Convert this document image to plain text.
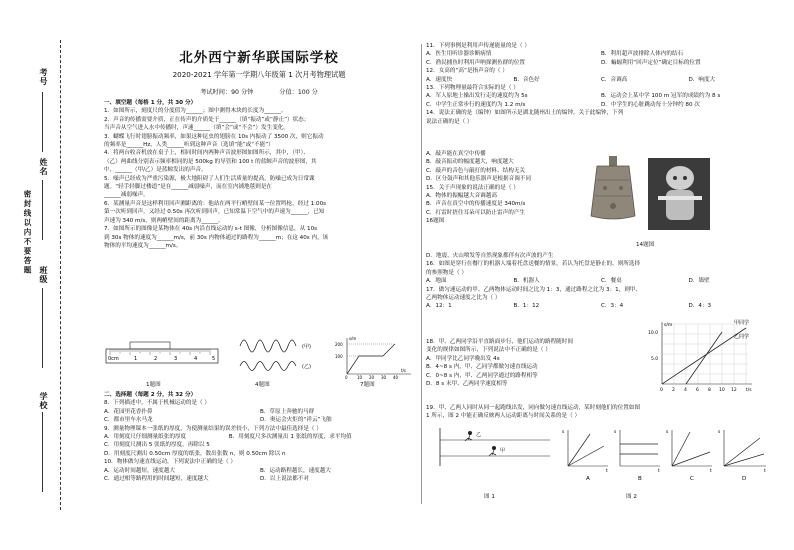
考号
姓名
班级
学校
密封线以内不要答题
北外西宁新华联国际学校
2020-2021 学年第一学期八年级第 1 次月考物理试题
考试时间：90 分钟	分值：100 分
一、填空题（每格 1 分，共 30 分）
1．如图所示，刻度尺的分度值为______；图中测得木块的长度为______。
2．声音的传播需要介质，正在传声的介质处于______（填“振动”或“静止”）状态；
当声音从空气进入水中传播时，声速______（填“会”或“不会”）发生变化。
3．蝴蝶飞行时翅膀振动频率，如果这种昆虫的翅膀在 10s 内振动了 3500 次，则它振动
的频率是______Hz，人类______听到这种声音（选填“能”或“不能”）
4．将两台收音机放在桌子上，相同时间内两种声音波形图如图所示，其中，（甲）、
（乙）两曲线分别表示频率相同的是 500kg 的导管和 100 t 的蓝鲸声音的波形图，其
中，______（甲/乙）是蓝鲸发出的声音。
5．噪声已经成为严重污染源，极大地阻碍了人们生活质量的提高，防噪已成为日常课
题。“轻手轻脚过楼道”是在______减弱噪声，而在室内铺地毯则是在
______减弱噪声。
6．某测量声音是这样利用回声测距离的：他站在两平行峭壁间某一位置鸣枪，经过 1.00s
第一次听到回声，又经过 0.50s 再次听到回声，已知常温下空气中的声速为______，已知
声速为 340 m/s，则两峭壁间的距离为______。
7．如图所示的图像是某物体在 40s 内沿直线运动的 s-t 图像，分析图像信息，从 10s
到 30s 物体的速度为______m/s，前 30s 内物体通过的路程为______m；在这 40s 内，该
物体的平均速度为______m/s。
0cm	1	2	3	4	5
(甲)
(乙)
200
100
0 10 20 30 40
t/s
s/m
1题图	4题图	7题图
二、选择题（每题 2 分，共 32 分）
8．下列描述中，不属于机械运动的是（ ）
A．花园里花香扑鼻	B．草原上奔驰的马群
C．都市里车水马龙	D．奥运会火炬的“祥云”飞舶
9．测量物理课本一张纸的厚度，为使测量结果的误差较小，下列方法中最佳选择是（ ）
A．用刻度尺仔细测量纸张的厚度	B．用刻度尺多次测量出 1 张纸的厚度，求平均值
C．用刻度尺测出 5 张纸的厚度，再除以 5
D．用刻度尺测出 0.50cm 厚度的纸张，数出张数 n，则 0.50cm 除以 n
10．物体做匀速直线运动，下列说法中正确的是（ ）
A．运动时间越短，速度越大	B．运动路程越长，速度越大
C．通过相等路程用的时间越短，速度越大	D．以上说法都不对
11．下列事例是利用声传递能量的是（ ）
A．医生用听诊器诊断病情	B．利用超声波排除人体内的结石
C．渔民捕鱼时利用声呐探测鱼群的位置	D．蝙蝠利用“回声定位”确定目标的位置
12．女高的“高”是指声音的（ ）
A．速度快	B．音色好	C．音调高	D．响度大
13．下列物理量最符合实际的是（ ）
A．军人原地上操出发行走的速度约为 5s	B．运动会上某中学 100 m 冠军的成绩约为 8 s
C．中学生正常步行的速度约为 1.2 m/s	D．中学生的心脏跳动每十分钟约 80 次
14．说法正确的是（编钟）如图所示是湖北随州出土的编钟，关于此编钟，下列
说法正确的是（ ）
A．敲声能在真空中传播
B．敲音振动的幅度越大，响度越大
C．敲声的音色与敲打的材料、结构无关
D．区分鼓声和其他乐器声是根据音调不同
15．关于声现象的说法正确的是（ ）
A．物体的振幅越大音调越高
B．声音在真空中的传播速度是 340m/s
C．打雷时捂住耳朵可以防止雷声的产生
16题图
14题图
D．地震、火山喷发等自然现象都伴有次声波的产生
16．如图是穿行在餐厅的机器人端着托盘送餐的情景。若认为托盘是静止的，则所选择
的参照物是（ ）
A．地面	B．机器人	C．餐桌	D．墙壁
17．做匀速运动的甲、乙两物体运动时间之比为 1：3，通过路程之比为 3：1，则甲、
乙两物体运动速度之比为（ ）
A．12：1	B．1：12	C．3：4	D．4：3
18．甲、乙两同学沿平直路面步行，他们运动的路程随时间
变化的规律如图所示，下列说法中不正确的是（ ）
A．甲同学比乙同学晚出发 4s
B．4~8 s 内，甲、乙同学都做匀速直线运动
C．0~8 s 内，甲、乙两同学通过的路程相等
D．8 s 末甲、乙两同学速度相等
甲同学
乙同学
10.0
5.0
0 2 4 6 8 10 12 t/s
s/m
19．甲、乙两人同时从同一起跑线出发，同向做匀速直线运动，某时刻他们的位置如图
1 所示，图 2 中能正确反映两人运动距离与时间关系的是（ ）
乙
甲
s
t
A
s
t
B
s
t
C
s
t
D
图 1	图 2
